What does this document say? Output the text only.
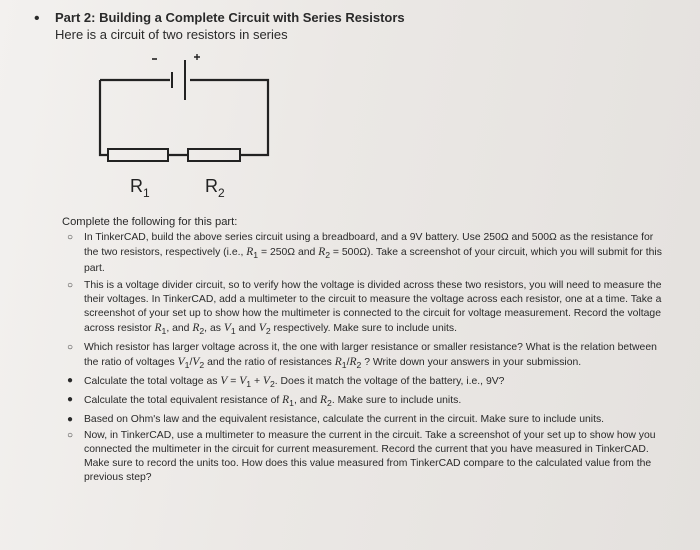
• Part 2: Building a Complete Circuit with Series Resistors
Here is a circuit of two resistors in series
$R_1$	$R_2$
Complete the following for this part:
○ In TinkerCAD, build the above series circuit using a breadboard, and a 9V battery. Use 250Ω and 500Ω as the resistance for the two resistors, respectively (i.e., $R_1 = 250\Omega$ and $R_2 = 500\Omega$). Take a screenshot of your circuit, which you will submit for this part.
○ This is a voltage divider circuit, so to verify how the voltage is divided across these two resistors, you will need to measure the their voltages. In TinkerCAD, add a multimeter to the circuit to measure the voltage across each resistor, one at a time. Take a screenshot of your set up to show how the multimeter is connected to the circuit for voltage measurement. Record the voltage across resistor $R_1$, and $R_2$, as $V_1$ and $V_2$ respectively. Make sure to include units.
○ Which resistor has larger voltage across it, the one with larger resistance or smaller resistance? What is the relation between the ratio of voltages $V_1/V_2$ and the ratio of resistances $R_1/R_2$ ? Write down your answers in your submission.
● Calculate the total voltage as $V = V_1 + V_2$. Does it match the voltage of the battery, i.e., 9V?
● Calculate the total equivalent resistance of $R_1$, and $R_2$. Make sure to include units.
● Based on Ohm's law and the equivalent resistance, calculate the current in the circuit. Make sure to include units.
○ Now, in TinkerCAD, use a multimeter to measure the current in the circuit. Take a screenshot of your set up to show how you connected the multimeter in the circuit for current measurement. Record the current that you have measured in TinkerCAD. Make sure to record the units too. How does this value measured from TinkerCAD compare to the calculated value from the previous step?
